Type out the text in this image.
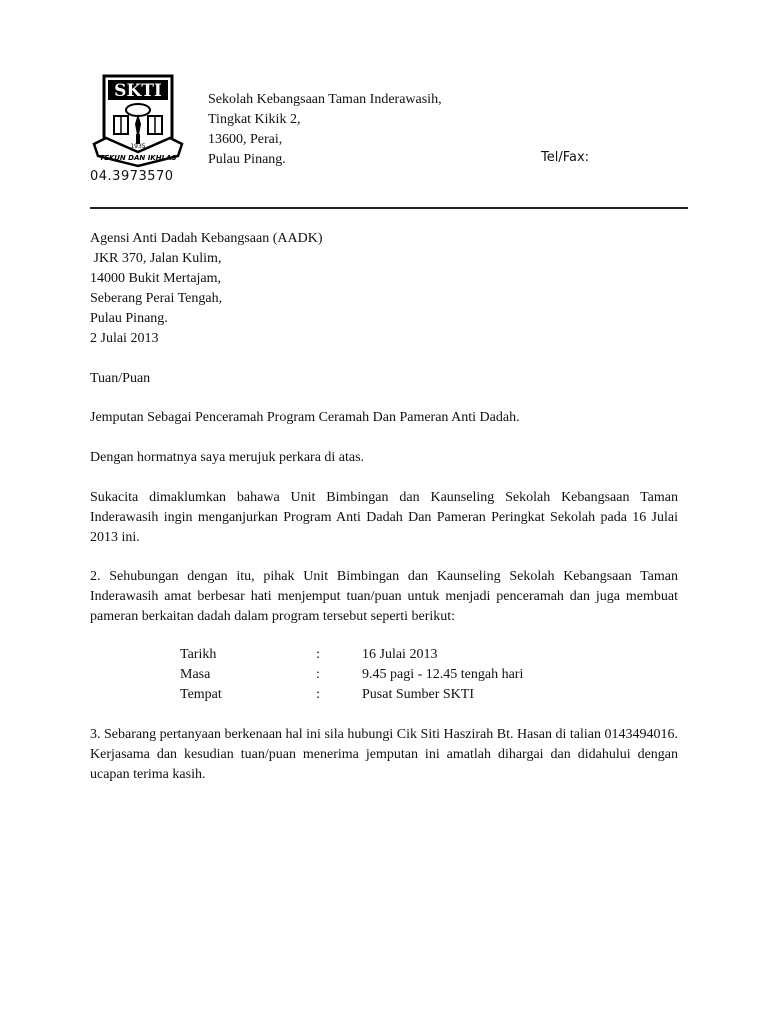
SKTI
1935
TEKUN DAN IKHLAS
Sekolah Kebangsaan Taman Inderawasih,
Tingkat Kikik 2,
13600, Perai,
Pulau Pinang.	Tel/Fax:
04.3973570
Agensi Anti Dadah Kebangsaan (AADK)
JKR 370, Jalan Kulim,
14000 Bukit Mertajam,
Seberang Perai Tengah,
Pulau Pinang.
2 Julai 2013
Tuan/Puan
Jemputan Sebagai Penceramah Program Ceramah Dan Pameran Anti Dadah.
Dengan hormatnya saya merujuk perkara di atas.
Sukacita dimaklumkan bahawa Unit Bimbingan dan Kaunseling Sekolah Kebangsaan Taman Inderawasih ingin menganjurkan Program Anti Dadah Dan Pameran Peringkat Sekolah pada 16 Julai 2013 ini.
2. Sehubungan dengan itu, pihak Unit Bimbingan dan Kaunseling Sekolah Kebangsaan Taman Inderawasih amat berbesar hati menjemput tuan/puan untuk menjadi penceramah dan juga membuat pameran berkaitan dadah dalam program tersebut seperti berikut:
Tarikh	:	16 Julai 2013
Masa	:	9.45 pagi - 12.45 tengah hari
Tempat	:	Pusat Sumber SKTI
3. Sebarang pertanyaan berkenaan hal ini sila hubungi Cik Siti Haszirah Bt. Hasan di talian 0143494016. Kerjasama dan kesudian tuan/puan menerima jemputan ini amatlah dihargai dan didahului dengan ucapan terima kasih.
